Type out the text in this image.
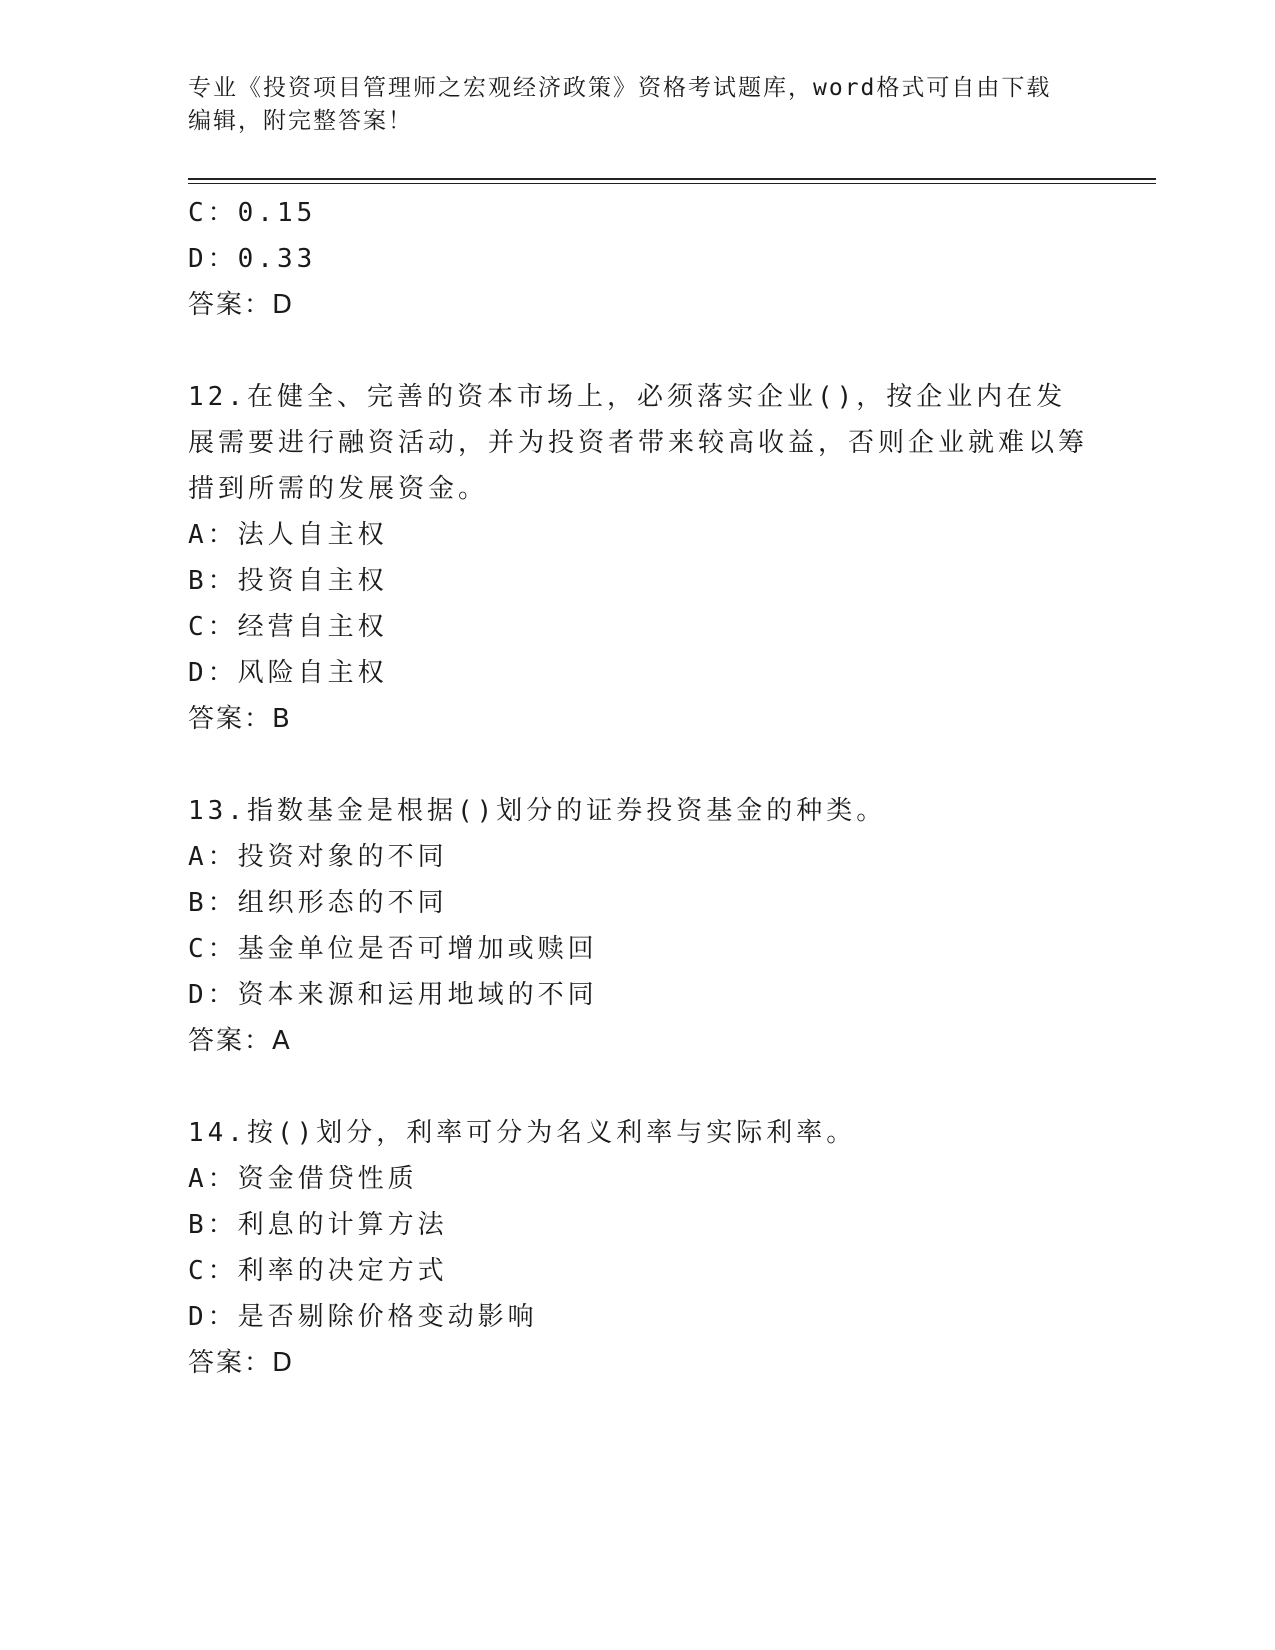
专业《投资项目管理师之宏观经济政策》资格考试题库，word格式可自由下载编辑，附完整答案！
C：0.15
D：0.33
答案：D
12.在健全、完善的资本市场上，必须落实企业()，按企业内在发展需要进行融资活动，并为投资者带来较高收益，否则企业就难以筹措到所需的发展资金。
A：法人自主权
B：投资自主权
C：经营自主权
D：风险自主权
答案：B
13.指数基金是根据()划分的证券投资基金的种类。
A：投资对象的不同
B：组织形态的不同
C：基金单位是否可增加或赎回
D：资本来源和运用地域的不同
答案：A
14.按()划分，利率可分为名义利率与实际利率。
A：资金借贷性质
B：利息的计算方法
C：利率的决定方式
D：是否剔除价格变动影响
答案：D
